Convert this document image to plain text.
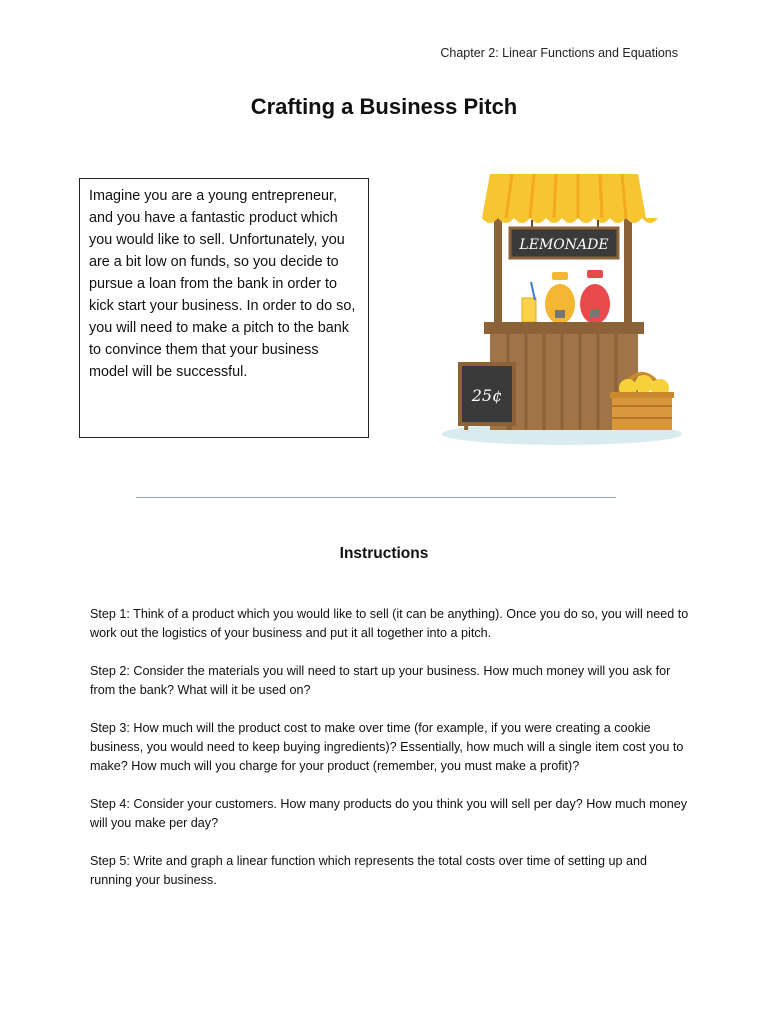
Chapter 2: Linear Functions and Equations
Crafting a Business Pitch
Imagine you are a young entrepreneur, and you have a fantastic product which you would like to sell. Unfortunately, you are a bit low on funds, so you decide to pursue a loan from the bank in order to kick start your business. In order to do so, you will need to make a pitch to the bank to convince them that your business model will be successful.
LEMONADE
25¢
Instructions

Step 1: Think of a product which you would like to sell (it can be anything). Once you do so, you will need to work out the logistics of your business and put it all together into a pitch.

Step 2: Consider the materials you will need to start up your business. How much money will you ask for from the bank? What will it be used on?

Step 3: How much will the product cost to make over time (for example, if you were creating a cookie business, you would need to keep buying ingredients)? Essentially, how much will a single item cost you to make? How much will you charge for your product (remember, you must make a profit)?

Step 4: Consider your customers. How many products do you think you will sell per day? How much money will you make per day?

Step 5: Write and graph a linear function which represents the total costs over time of setting up and running your business.
